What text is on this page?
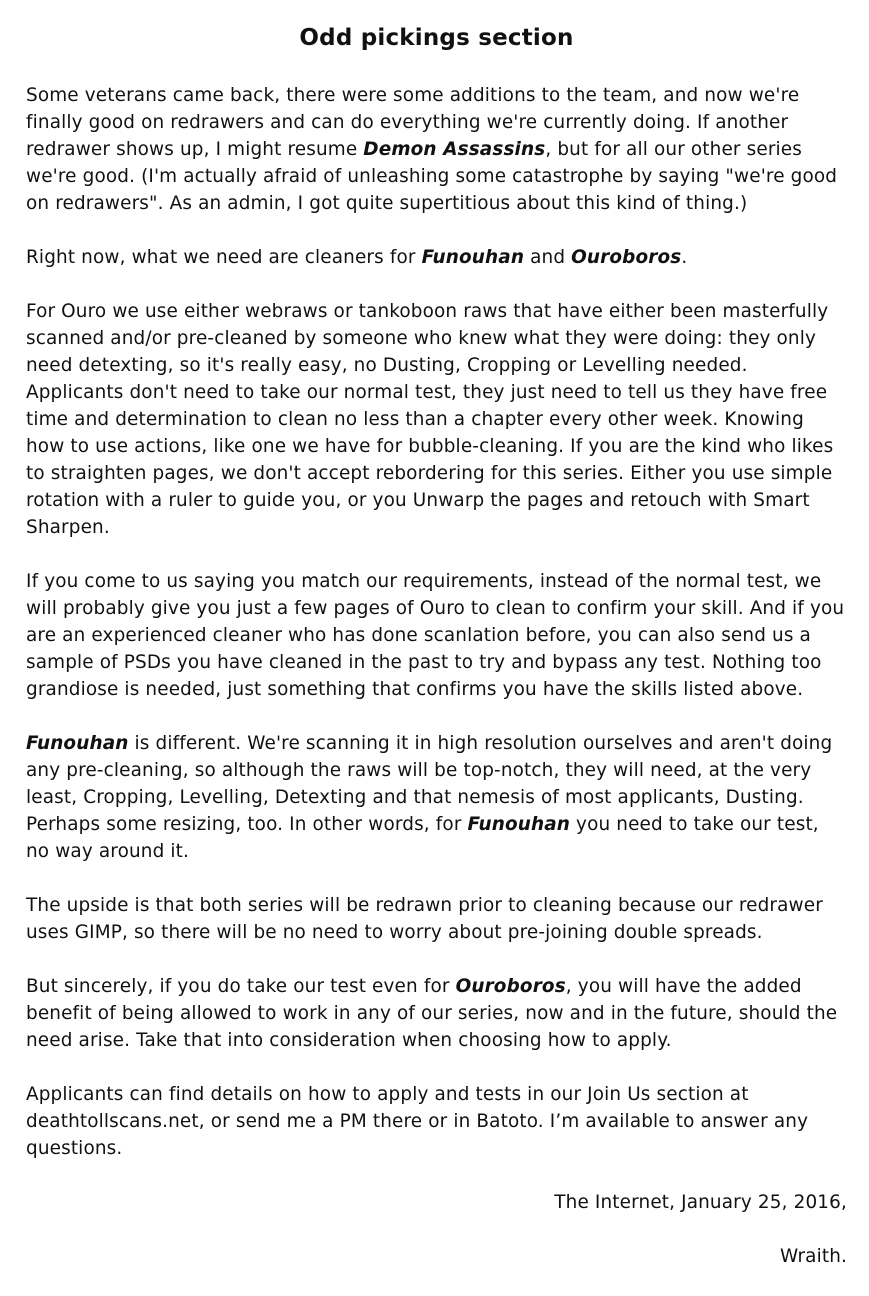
Odd pickings section

Some veterans came back, there were some additions to the team, and now we're finally good on redrawers and can do everything we're currently doing. If another redrawer shows up, I might resume Demon Assassins, but for all our other series we're good. (I'm actually afraid of unleashing some catastrophe by saying "we're good on redrawers". As an admin, I got quite supertitious about this kind of thing.)

Right now, what we need are cleaners for Funouhan and Ouroboros.

For Ouro we use either webraws or tankoboon raws that have either been masterfully scanned and/or pre-cleaned by someone who knew what they were doing: they only need detexting, so it's really easy, no Dusting, Cropping or Levelling needed. Applicants don't need to take our normal test, they just need to tell us they have free time and determination to clean no less than a chapter every other week. Knowing how to use actions, like one we have for bubble-cleaning. If you are the kind who likes to straighten pages, we don't accept rebordering for this series. Either you use simple rotation with a ruler to guide you, or you Unwarp the pages and retouch with Smart Sharpen.

If you come to us saying you match our requirements, instead of the normal test, we will probably give you just a few pages of Ouro to clean to confirm your skill. And if you are an experienced cleaner who has done scanlation before, you can also send us a sample of PSDs you have cleaned in the past to try and bypass any test. Nothing too grandiose is needed, just something that confirms you have the skills listed above.

Funouhan is different. We're scanning it in high resolution ourselves and aren't doing any pre-cleaning, so although the raws will be top-notch, they will need, at the very least, Cropping, Levelling, Detexting and that nemesis of most applicants, Dusting. Perhaps some resizing, too. In other words, for Funouhan you need to take our test, no way around it.

The upside is that both series will be redrawn prior to cleaning because our redrawer uses GIMP, so there will be no need to worry about pre-joining double spreads.

But sincerely, if you do take our test even for Ouroboros, you will have the added benefit of being allowed to work in any of our series, now and in the future, should the need arise. Take that into consideration when choosing how to apply.

Applicants can find details on how to apply and tests in our Join Us section at deathtollscans.net, or send me a PM there or in Batoto. I’m available to answer any questions.

The Internet, January 25, 2016,

Wraith.
